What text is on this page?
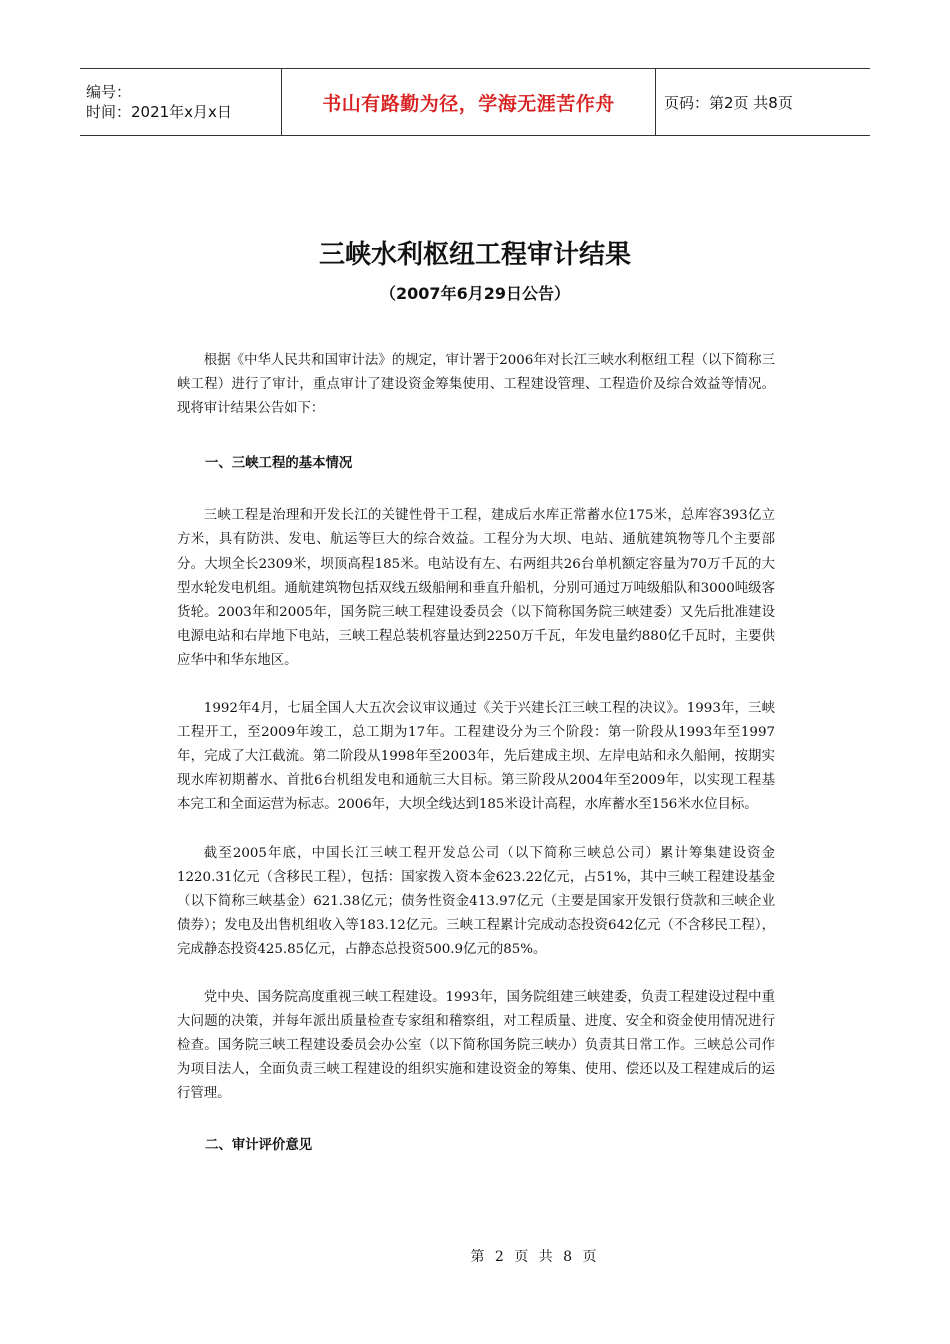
编号：
时间：2021年x月x日	书山有路勤为径，学海无涯苦作舟	页码：第2页 共8页
三峡水利枢纽工程审计结果
（2007年6月29日公告）

根据《中华人民共和国审计法》的规定，审计署于2006年对长江三峡水利枢纽工程（以下简称三峡工程）进行了审计，重点审计了建设资金筹集使用、工程建设管理、工程造价及综合效益等情况。现将审计结果公告如下：

一、三峡工程的基本情况

三峡工程是治理和开发长江的关键性骨干工程，建成后水库正常蓄水位175米，总库容393亿立方米，具有防洪、发电、航运等巨大的综合效益。工程分为大坝、电站、通航建筑物等几个主要部分。大坝全长2309米，坝顶高程185米。电站设有左、右两组共26台单机额定容量为70万千瓦的大型水轮发电机组。通航建筑物包括双线五级船闸和垂直升船机，分别可通过万吨级船队和3000吨级客货轮。2003年和2005年，国务院三峡工程建设委员会（以下简称国务院三峡建委）又先后批准建设电源电站和右岸地下电站，三峡工程总装机容量达到2250万千瓦，年发电量约880亿千瓦时，主要供应华中和华东地区。

1992年4月，七届全国人大五次会议审议通过《关于兴建长江三峡工程的决议》。1993年，三峡工程开工，至2009年竣工，总工期为17年。工程建设分为三个阶段：第一阶段从1993年至1997年，完成了大江截流。第二阶段从1998年至2003年，先后建成主坝、左岸电站和永久船闸，按期实现水库初期蓄水、首批6台机组发电和通航三大目标。第三阶段从2004年至2009年，以实现工程基本完工和全面运营为标志。2006年，大坝全线达到185米设计高程，水库蓄水至156米水位目标。

截至2005年底，中国长江三峡工程开发总公司（以下简称三峡总公司）累计筹集建设资金1220.31亿元（含移民工程），包括：国家拨入资本金623.22亿元，占51%，其中三峡工程建设基金（以下简称三峡基金）621.38亿元；债务性资金413.97亿元（主要是国家开发银行贷款和三峡企业债券）；发电及出售机组收入等183.12亿元。三峡工程累计完成动态投资642亿元（不含移民工程），完成静态投资425.85亿元，占静态总投资500.9亿元的85%。

党中央、国务院高度重视三峡工程建设。1993年，国务院组建三峡建委，负责工程建设过程中重大问题的决策，并每年派出质量检查专家组和稽察组，对工程质量、进度、安全和资金使用情况进行检查。国务院三峡工程建设委员会办公室（以下简称国务院三峡办）负责其日常工作。三峡总公司作为项目法人，全面负责三峡工程建设的组织实施和建设资金的筹集、使用、偿还以及工程建成后的运行管理。

二、审计评价意见
第 2 页 共 8 页
